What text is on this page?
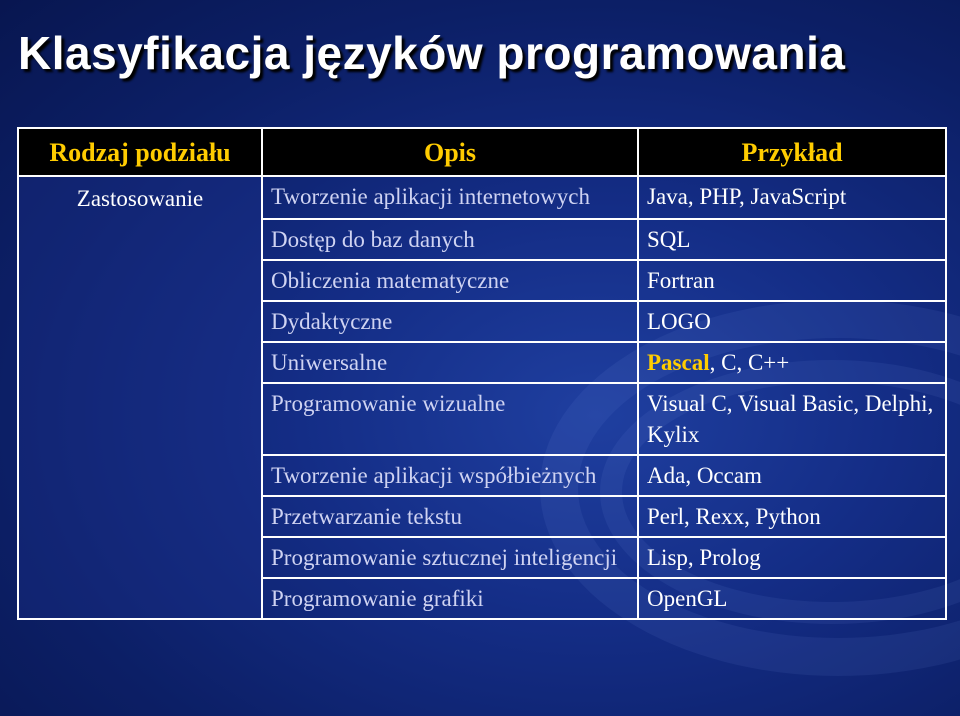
Klasyfikacja języków programowania
Rodzaj podziału	Opis	Przykład
Zastosowanie	Tworzenie aplikacji internetowych	Java, PHP, JavaScript
	Dostęp do baz danych	SQL
	Obliczenia matematyczne	Fortran
	Dydaktyczne	LOGO
	Uniwersalne	Pascal, C, C++
	Programowanie wizualne	Visual C, Visual Basic, Delphi, Kylix
	Tworzenie aplikacji współbieżnych	Ada, Occam
	Przetwarzanie tekstu	Perl, Rexx, Python
	Programowanie sztucznej inteligencji	Lisp, Prolog
	Programowanie grafiki	OpenGL
